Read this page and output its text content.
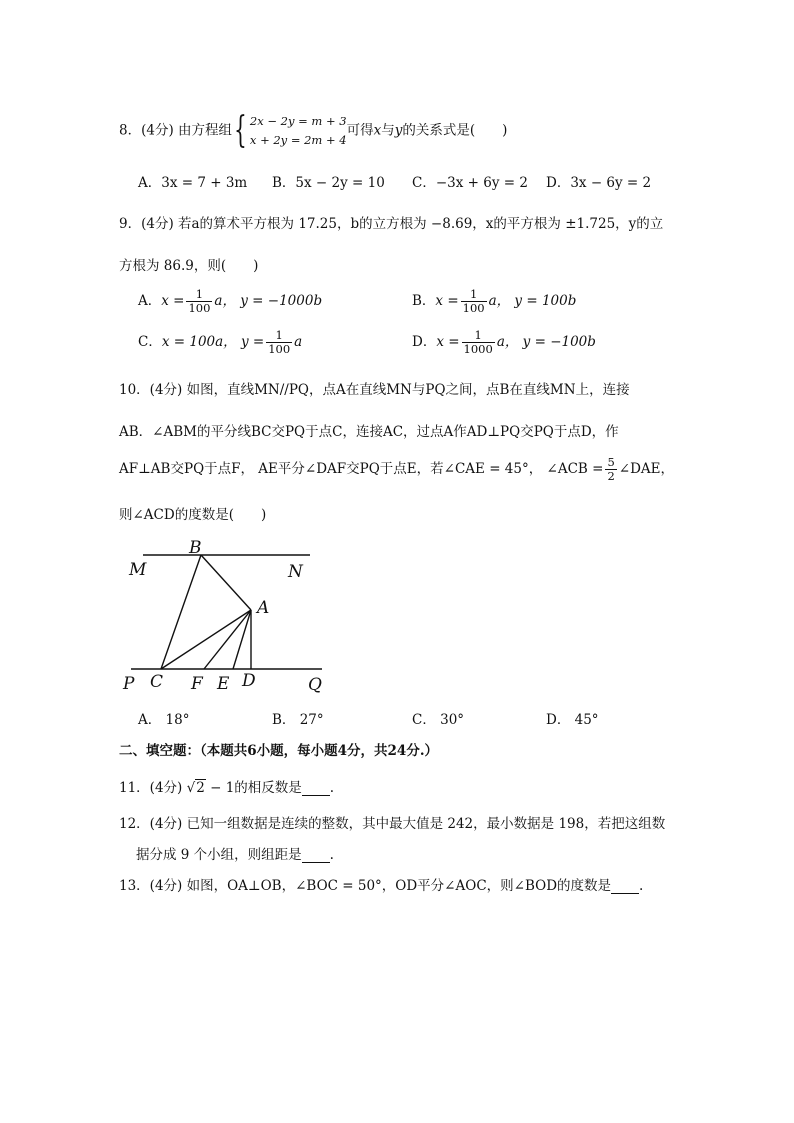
8．(4分) 由方程组{ 2x − 2y = m + 3
x + 2y = 2m + 4
可得x与y的关系式是(　　)
A．3x = 7 + 3m B．5x − 2y = 10 C．−3x + 6y = 2 D．3x − 6y = 2
9．(4分) 若a的算术平方根为 17.25，b的立方根为 −8.69，x的平方根为 ±1.725，y的立
方根为 86.9，则(　　)
A．$x = \frac{1}{100}$ a， y = −1000b	B．$x = \frac{1}{100}$ a， y = 100b
C．x = 100a， $y = \frac{1}{100}$ a	D．$x = \frac{1}{1000}$ a， y = −100b
10．(4分) 如图，直线MN//PQ，点A在直线MN与PQ之间，点B在直线MN上，连接
AB．∠ABM的平分线BC交PQ于点C，连接AC，过点A作AD⊥PQ交PQ于点D，作
AF⊥AB交PQ于点F， AE平分∠DAF交PQ于点E，若∠CAE = 45°， ∠ACB = $\frac{5}{2}$ ∠DAE，
则∠ACD的度数是(　　)
B
M	N
A
P C F E D	Q
A． 18°	B． 27°	C． 30°	D． 45°
二、填空题：（本题共6小题，每小题4分，共24分.）
11．(4分) √2 − 1的相反数是 .
12．(4分) 已知一组数据是连续的整数，其中最大值是 242，最小数据是 198，若把这组数
据分成 9 个小组，则组距是 .
13．(4分) 如图，OA⊥OB，∠BOC = 50°，OD平分∠AOC，则∠BOD的度数是 .
